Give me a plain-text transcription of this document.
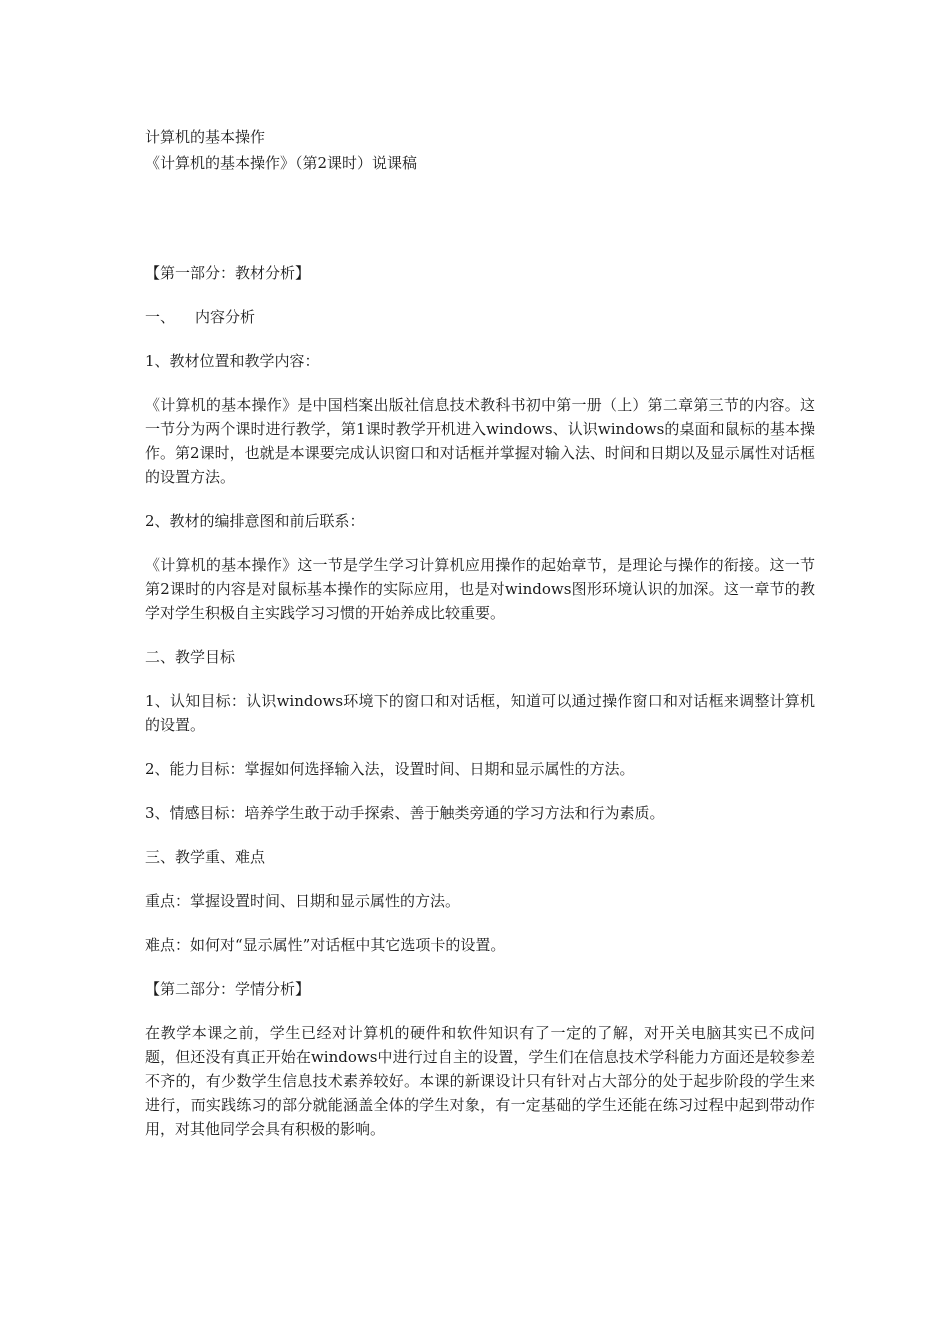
计算机的基本操作
《计算机的基本操作》（第2课时）说课稿

【第一部分：教材分析】

一、 内容分析

1、教材位置和教学内容：

《计算机的基本操作》是中国档案出版社信息技术教科书初中第一册（上）第二章第三节的内容。这一节分为两个课时进行教学，第1课时教学开机进入windows、认识windows的桌面和鼠标的基本操作。第2课时，也就是本课要完成认识窗口和对话框并掌握对输入法、时间和日期以及显示属性对话框的设置方法。

2、教材的编排意图和前后联系：

《计算机的基本操作》这一节是学生学习计算机应用操作的起始章节，是理论与操作的衔接。这一节第2课时的内容是对鼠标基本操作的实际应用，也是对windows图形环境认识的加深。这一章节的教学对学生积极自主实践学习习惯的开始养成比较重要。

二、教学目标

1、认知目标：认识windows环境下的窗口和对话框，知道可以通过操作窗口和对话框来调整计算机的设置。

2、能力目标：掌握如何选择输入法，设置时间、日期和显示属性的方法。

3、情感目标：培养学生敢于动手探索、善于触类旁通的学习方法和行为素质。

三、教学重、难点

重点：掌握设置时间、日期和显示属性的方法。

难点：如何对“显示属性”对话框中其它选项卡的设置。

【第二部分：学情分析】

在教学本课之前，学生已经对计算机的硬件和软件知识有了一定的了解，对开关电脑其实已不成问题，但还没有真正开始在windows中进行过自主的设置，学生们在信息技术学科能力方面还是较参差不齐的，有少数学生信息技术素养较好。本课的新课设计只有针对占大部分的处于起步阶段的学生来进行，而实践练习的部分就能涵盖全体的学生对象，有一定基础的学生还能在练习过程中起到带动作用，对其他同学会具有积极的影响。
